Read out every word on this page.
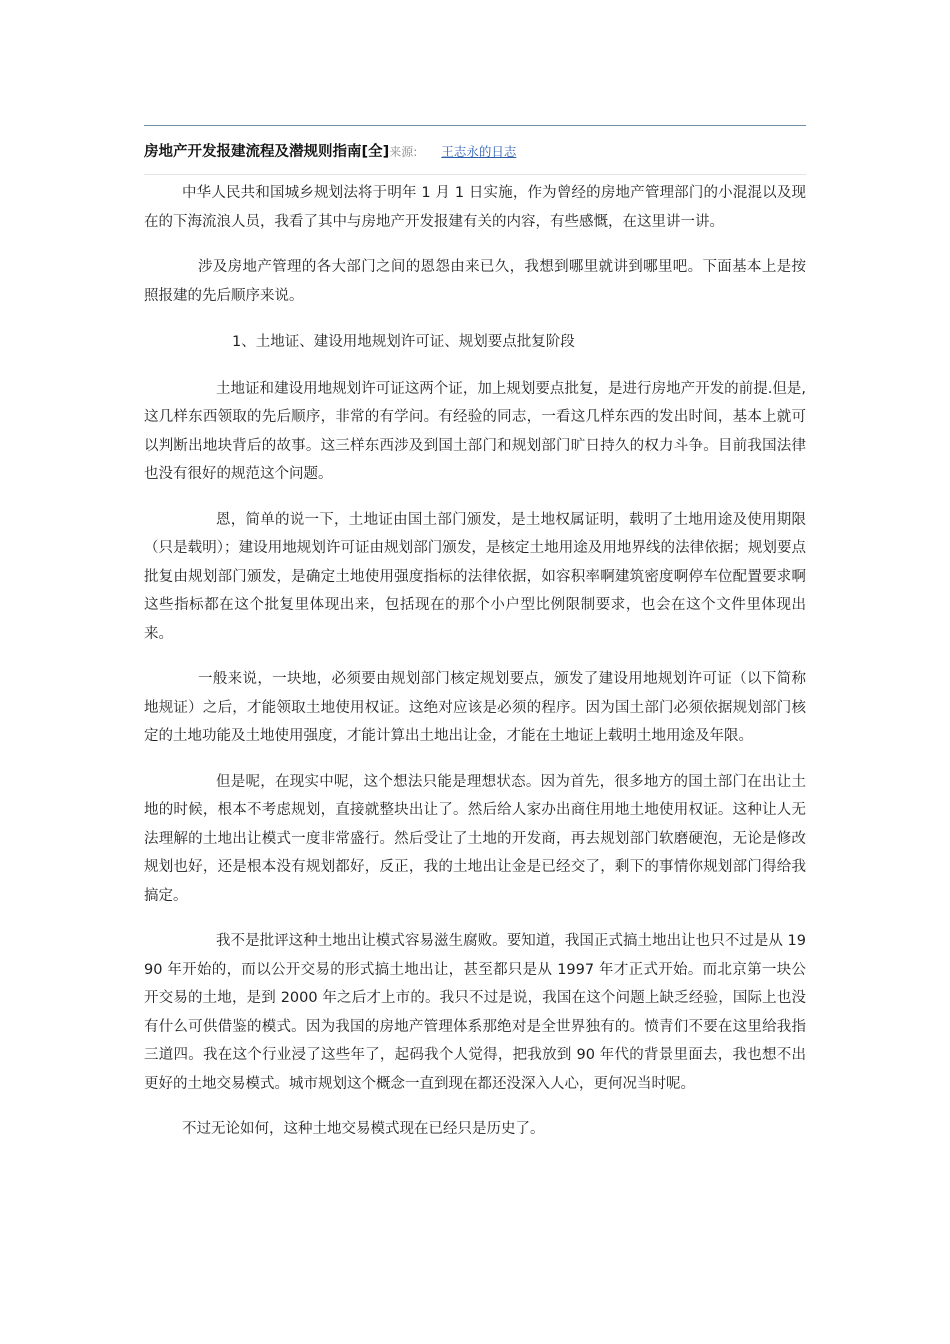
房地产开发报建流程及潜规则指南[全]来源: 王志永的日志

中华人民共和国城乡规划法将于明年 1 月 1 日实施，作为曾经的房地产管理部门的小混混以及现在的下海流浪人员，我看了其中与房地产开发报建有关的内容，有些感慨，在这里讲一讲。

涉及房地产管理的各大部门之间的恩怨由来已久，我想到哪里就讲到哪里吧。下面基本上是按照报建的先后顺序来说。

1、土地证、建设用地规划许可证、规划要点批复阶段

土地证和建设用地规划许可证这两个证，加上规划要点批复，是进行房地产开发的前提.但是,这几样东西领取的先后顺序，非常的有学问。有经验的同志，一看这几样东西的发出时间，基本上就可以判断出地块背后的故事。这三样东西涉及到国土部门和规划部门旷日持久的权力斗争。目前我国法律也没有很好的规范这个问题。

恩，简单的说一下，土地证由国土部门颁发，是土地权属证明，载明了土地用途及使用期限（只是载明）；建设用地规划许可证由规划部门颁发，是核定土地用途及用地界线的法律依据；规划要点批复由规划部门颁发，是确定土地使用强度指标的法律依据，如容积率啊建筑密度啊停车位配置要求啊这些指标都在这个批复里体现出来，包括现在的那个小户型比例限制要求，也会在这个文件里体现出来。

一般来说，一块地，必须要由规划部门核定规划要点，颁发了建设用地规划许可证（以下简称地规证）之后，才能领取土地使用权证。这绝对应该是必须的程序。因为国土部门必须依据规划部门核定的土地功能及土地使用强度，才能计算出土地出让金，才能在土地证上载明土地用途及年限。

但是呢，在现实中呢，这个想法只能是理想状态。因为首先，很多地方的国土部门在出让土地的时候，根本不考虑规划，直接就整块出让了。然后给人家办出商住用地土地使用权证。这种让人无法理解的土地出让模式一度非常盛行。然后受让了土地的开发商，再去规划部门软磨硬泡，无论是修改规划也好，还是根本没有规划都好，反正，我的土地出让金是已经交了，剩下的事情你规划部门得给我搞定。

我不是批评这种土地出让模式容易滋生腐败。要知道，我国正式搞土地出让也只不过是从 1990 年开始的，而以公开交易的形式搞土地出让，甚至都只是从 1997 年才正式开始。而北京第一块公开交易的土地，是到 2000 年之后才上市的。我只不过是说，我国在这个问题上缺乏经验，国际上也没有什么可供借鉴的模式。因为我国的房地产管理体系那绝对是全世界独有的。愤青们不要在这里给我指三道四。我在这个行业浸了这些年了，起码我个人觉得，把我放到 90 年代的背景里面去，我也想不出更好的土地交易模式。城市规划这个概念一直到现在都还没深入人心，更何况当时呢。

不过无论如何，这种土地交易模式现在已经只是历史了。
